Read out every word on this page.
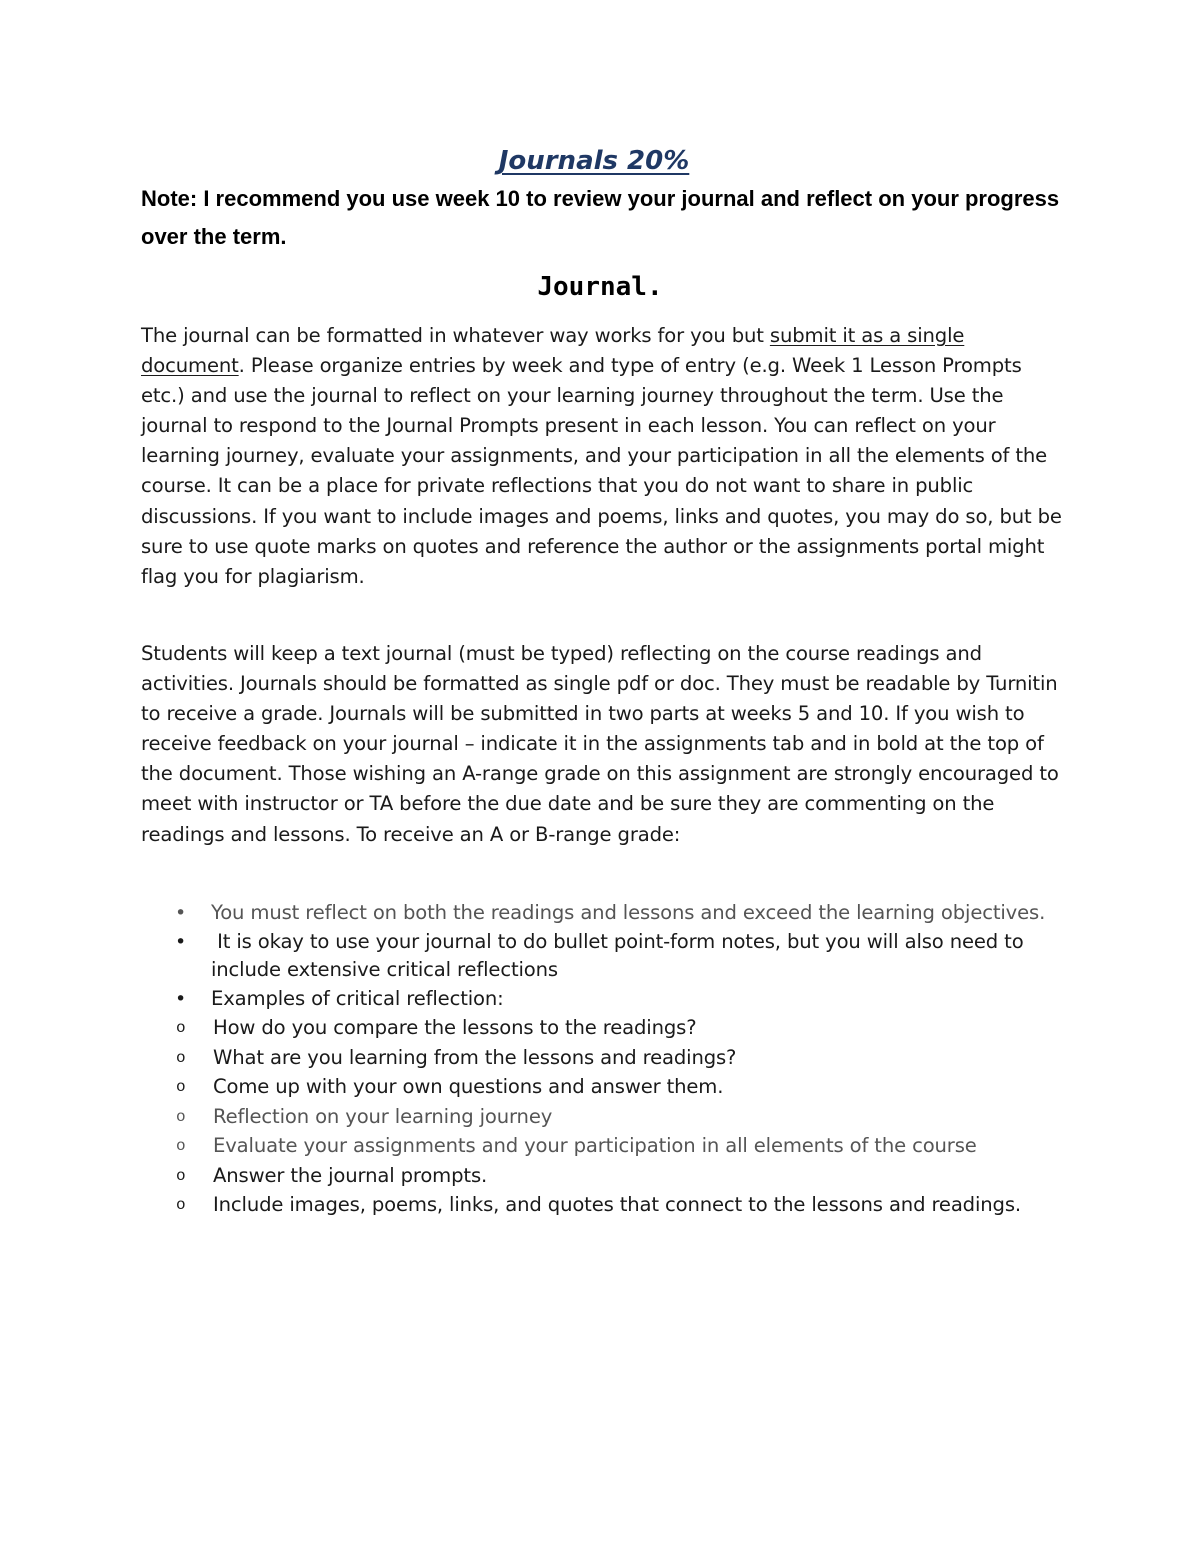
Journals 20%
Note: I recommend you use week 10 to review your journal and reflect on your progress over the term.
Journal.
The journal can be formatted in whatever way works for you but submit it as a single document. Please organize entries by week and type of entry (e.g. Week 1 Lesson Prompts etc.) and use the journal to reflect on your learning journey throughout the term. Use the journal to respond to the Journal Prompts present in each lesson. You can reflect on your learning journey, evaluate your assignments, and your participation in all the elements of the course. It can be a place for private reflections that you do not want to share in public discussions. If you want to include images and poems, links and quotes, you may do so, but be sure to use quote marks on quotes and reference the author or the assignments portal might flag you for plagiarism.
Students will keep a text journal (must be typed) reflecting on the course readings and activities. Journals should be formatted as single pdf or doc. They must be readable by Turnitin to receive a grade. Journals will be submitted in two parts at weeks 5 and 10. If you wish to receive feedback on your journal – indicate it in the assignments tab and in bold at the top of the document. Those wishing an A-range grade on this assignment are strongly encouraged to meet with instructor or TA before the due date and be sure they are commenting on the readings and lessons. To receive an A or B-range grade:
• You must reflect on both the readings and lessons and exceed the learning objectives.
• It is okay to use your journal to do bullet point-form notes, but you will also need to include extensive critical reflections
• Examples of critical reflection:
o How do you compare the lessons to the readings?
o What are you learning from the lessons and readings?
o Come up with your own questions and answer them.
o Reflection on your learning journey
o Evaluate your assignments and your participation in all elements of the course
o Answer the journal prompts.
o Include images, poems, links, and quotes that connect to the lessons and readings.
